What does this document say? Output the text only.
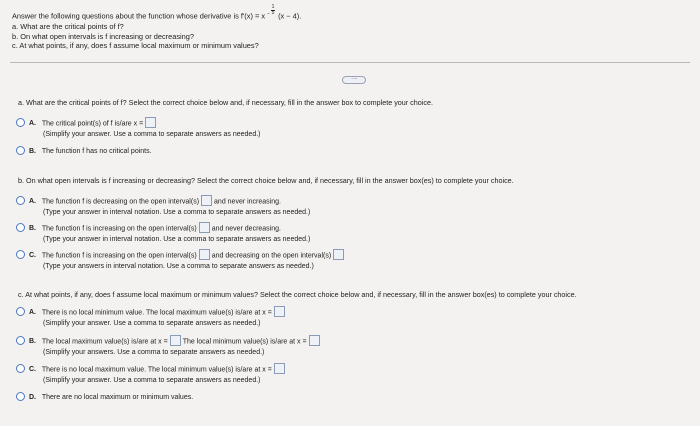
Answer the following questions about the function whose derivative is f'(x) = x $^- \frac{1}{5} (x - 4)$.
a. What are the critical points of f?
b. On what open intervals is f increasing or decreasing?
c. At what points, if any, does f assume local maximum or minimum values?
·····
a. What are the critical points of f? Select the correct choice below and, if necessary, fill in the answer box to complete your choice.
A. The critical point(s) of f is/are x =
(Simplify your answer. Use a comma to separate answers as needed.)
B. The function f has no critical points.
b. On what open intervals is f increasing or decreasing? Select the correct choice below and, if necessary, fill in the answer box(es) to complete your choice.
A. The function f is decreasing on the open interval(s) and never increasing.
(Type your answer in interval notation. Use a comma to separate answers as needed.)
B. The function f is increasing on the open interval(s) and never decreasing.
(Type your answer in interval notation. Use a comma to separate answers as needed.)
C. The function f is increasing on the open interval(s) and decreasing on the open interval(s)
(Type your answers in interval notation. Use a comma to separate answers as needed.)
c. At what points, if any, does f assume local maximum or minimum values? Select the correct choice below and, if necessary, fill in the answer box(es) to complete your choice.
A. There is no local minimum value. The local maximum value(s) is/are at x =
(Simplify your answer. Use a comma to separate answers as needed.)
B. The local maximum value(s) is/are at x = The local minimum value(s) is/are at x =
(Simplify your answers. Use a comma to separate answers as needed.)
C. There is no local maximum value. The local minimum value(s) is/are at x =
(Simplify your answer. Use a comma to separate answers as needed.)
D. There are no local maximum or minimum values.
